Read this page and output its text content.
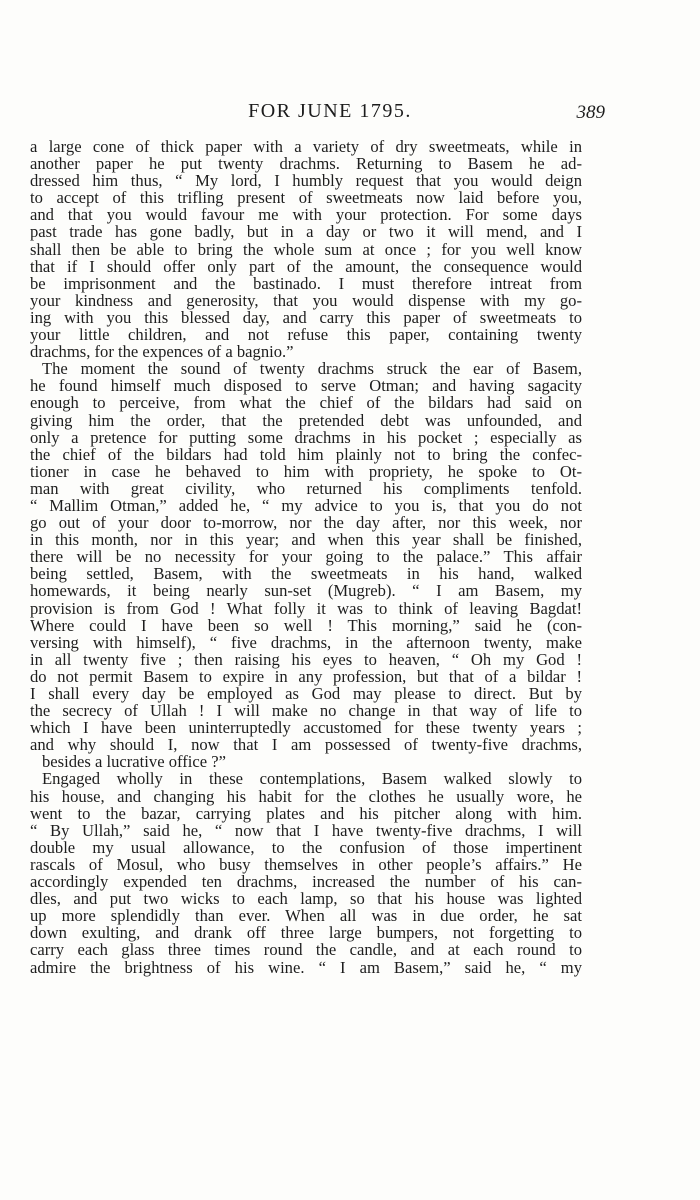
FOR JUNE 1795.	389
a large cone of thick paper with a variety of dry sweetmeats, while in
another paper he put twenty drachms. Returning to Basem he ad-
dressed him thus, “ My lord, I humbly request that you would deign
to accept of this trifling present of sweetmeats now laid before you,
and that you would favour me with your protection. For some days
past trade has gone badly, but in a day or two it will mend, and I
shall then be able to bring the whole sum at once ; for you well know
that if I should offer only part of the amount, the consequence would
be imprisonment and the bastinado. I must therefore intreat from
your kindness and generosity, that you would dispense with my go-
ing with you this blessed day, and carry this paper of sweetmeats to
your little children, and not refuse this paper, containing twenty
drachms, for the expences of a bagnio.”
The moment the sound of twenty drachms struck the ear of Basem,
he found himself much disposed to serve Otman; and having sagacity
enough to perceive, from what the chief of the bildars had said on
giving him the order, that the pretended debt was unfounded, and
only a pretence for putting some drachms in his pocket ; especially as
the chief of the bildars had told him plainly not to bring the confec-
tioner in case he behaved to him with propriety, he spoke to Ot-
man with great civility, who returned his compliments tenfold.
“ Mallim Otman,” added he, “ my advice to you is, that you do not
go out of your door to-morrow, nor the day after, nor this week, nor
in this month, nor in this year; and when this year shall be finished,
there will be no necessity for your going to the palace.” This affair
being settled, Basem, with the sweetmeats in his hand, walked
homewards, it being nearly sun-set (Mugreb). “ I am Basem, my
provision is from God ! What folly it was to think of leaving Bagdat!
Where could I have been so well ! This morning,” said he (con-
versing with himself), “ five drachms, in the afternoon twenty, make
in all twenty five ; then raising his eyes to heaven, “ Oh my God !
do not permit Basem to expire in any profession, but that of a bildar !
I shall every day be employed as God may please to direct. But by
the secrecy of Ullah ! I will make no change in that way of life to
which I have been uninterruptedly accustomed for these twenty years ;
and why should I, now that I am possessed of twenty-five drachms,
besides a lucrative office ?”
Engaged wholly in these contemplations, Basem walked slowly to
his house, and changing his habit for the clothes he usually wore, he
went to the bazar, carrying plates and his pitcher along with him.
“ By Ullah,” said he, “ now that I have twenty-five drachms, I will
double my usual allowance, to the confusion of those impertinent
rascals of Mosul, who busy themselves in other people’s affairs.” He
accordingly expended ten drachms, increased the number of his can-
dles, and put two wicks to each lamp, so that his house was lighted
up more splendidly than ever. When all was in due order, he sat
down exulting, and drank off three large bumpers, not forgetting to
carry each glass three times round the candle, and at each round to
admire the brightness of his wine. “ I am Basem,” said he, “ my
